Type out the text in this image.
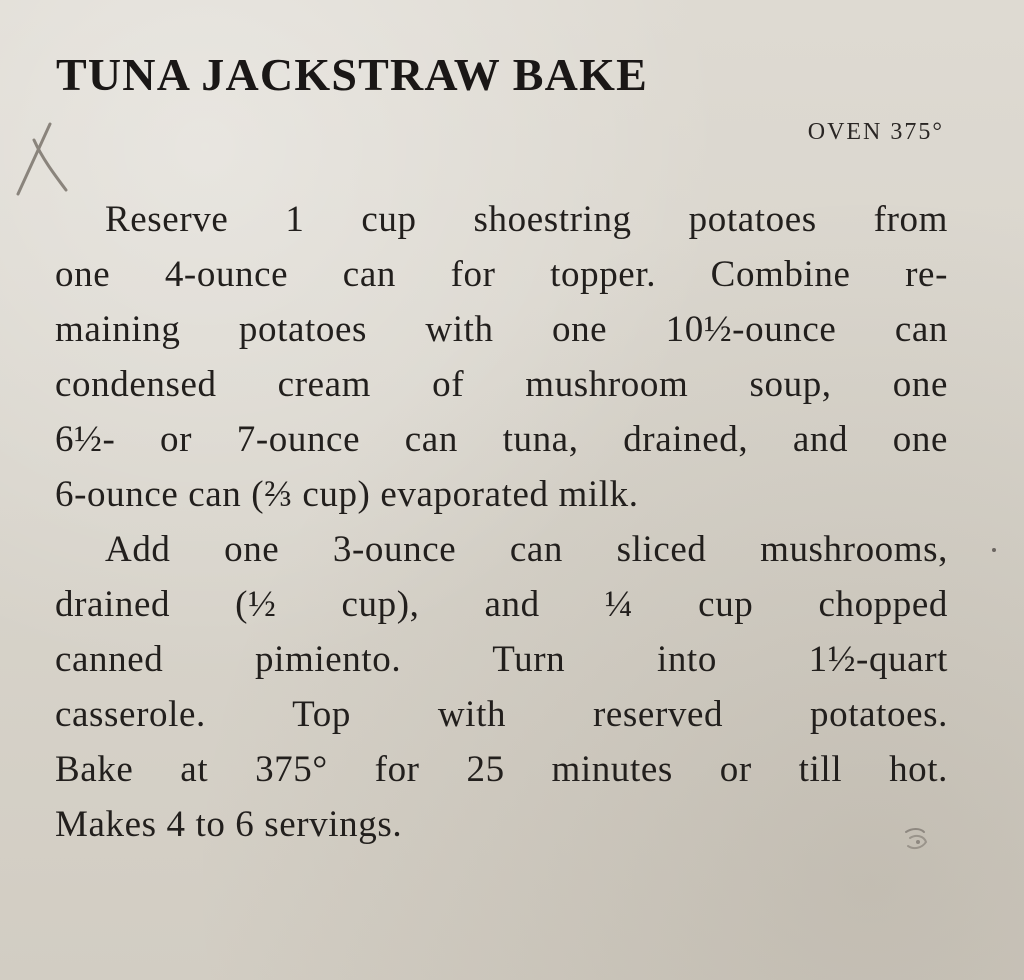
TUNA JACKSTRAW BAKE
OVEN 375°
Reserve 1 cup shoestring potatoes from
one 4-ounce can for topper. Combine re-
maining potatoes with one 10½-ounce can
condensed cream of mushroom soup, one
6½- or 7-ounce can tuna, drained, and one
6-ounce can (⅔ cup) evaporated milk.
Add one 3-ounce can sliced mushrooms,
drained (½ cup), and ¼ cup chopped
canned pimiento. Turn into 1½-quart
casserole. Top with reserved potatoes.
Bake at 375° for 25 minutes or till hot.
Makes 4 to 6 servings.
